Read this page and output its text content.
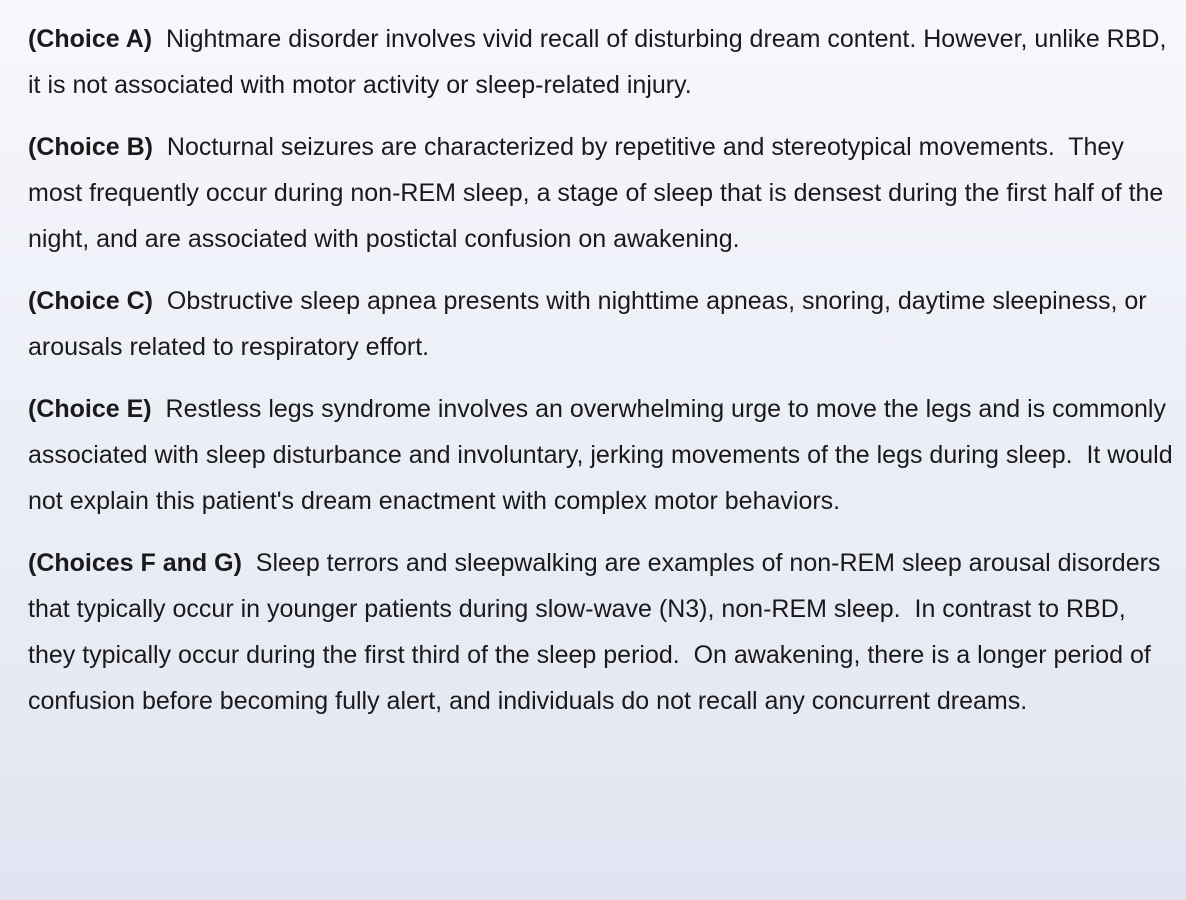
(Choice A)  Nightmare disorder involves vivid recall of disturbing dream content. However, unlike RBD, it is not associated with motor activity or sleep-related injury.

(Choice B)  Nocturnal seizures are characterized by repetitive and stereotypical movements.  They most frequently occur during non-REM sleep, a stage of sleep that is densest during the first half of the night, and are associated with postictal confusion on awakening.

(Choice C)  Obstructive sleep apnea presents with nighttime apneas, snoring, daytime sleepiness, or arousals related to respiratory effort.

(Choice E)  Restless legs syndrome involves an overwhelming urge to move the legs and is commonly associated with sleep disturbance and involuntary, jerking movements of the legs during sleep.  It would not explain this patient's dream enactment with complex motor behaviors.

(Choices F and G)  Sleep terrors and sleepwalking are examples of non-REM sleep arousal disorders that typically occur in younger patients during slow-wave (N3), non-REM sleep.  In contrast to RBD, they typically occur during the first third of the sleep period.  On awakening, there is a longer period of confusion before becoming fully alert, and individuals do not recall any concurrent dreams.
